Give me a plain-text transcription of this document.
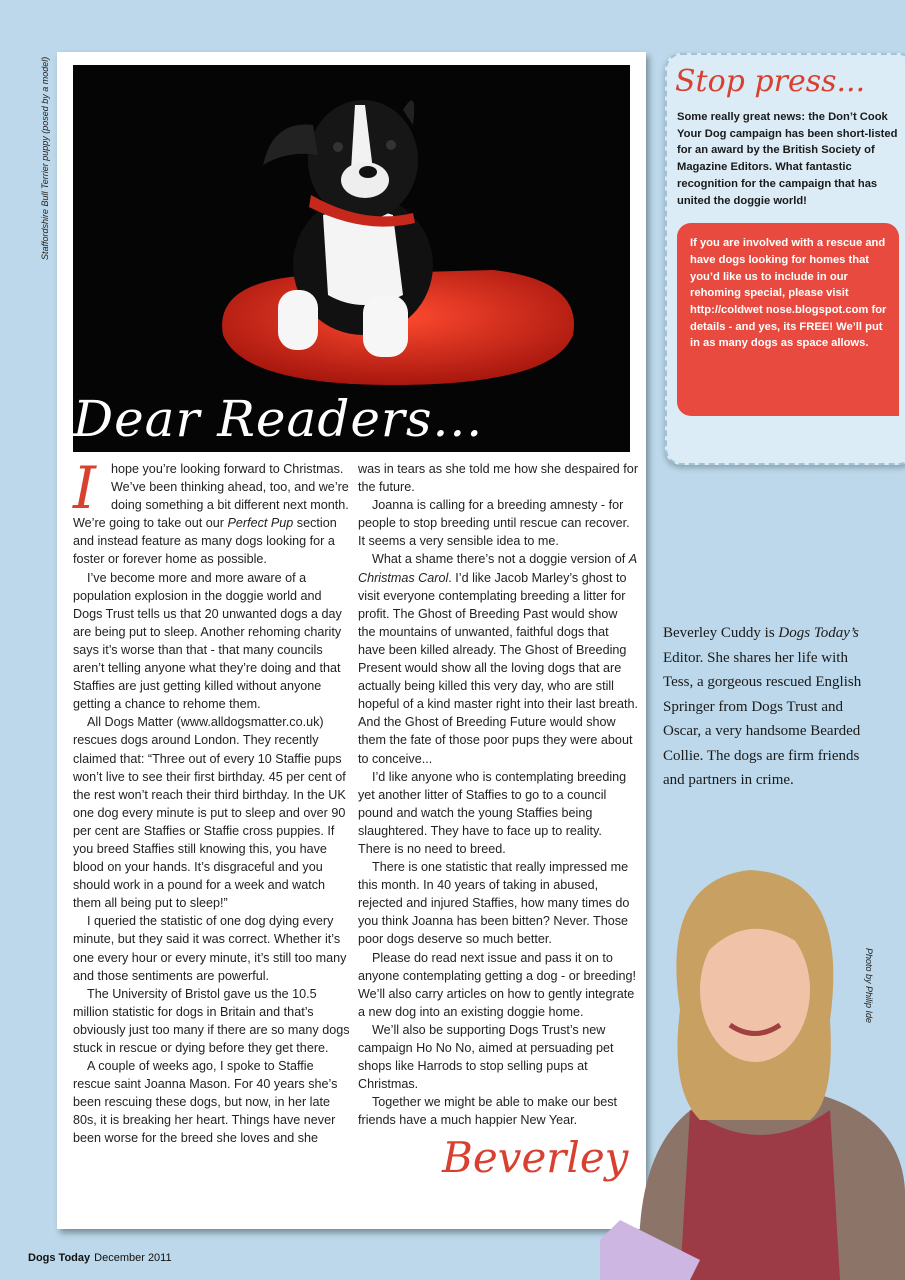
Staffordshire Bull Terrier puppy (posed by a model)
Dear Readers...
I	hope you’re looking forward to Christmas. We’ve been thinking ahead, too, and we’re doing something a bit different next month. We’re going to take out our Perfect Pup section and instead feature as many dogs looking for a foster or forever home as possible.

I’ve become more and more aware of a population explosion in the doggie world and Dogs Trust tells us that 20 unwanted dogs a day are being put to sleep. Another rehoming charity says it’s worse than that - that many councils aren’t telling anyone what they’re doing and that Staffies are just getting killed without anyone getting a chance to rehome them.

All Dogs Matter (www.alldogsmatter.co.uk) rescues dogs around London. They recently claimed that: “Three out of every 10 Staffie pups won’t live to see their first birthday. 45 per cent of the rest won’t reach their third birthday. In the UK one dog every minute is put to sleep and over 90 per cent are Staffies or Staffie cross puppies. If you breed Staffies still knowing this, you have blood on your hands. It’s disgraceful and you should work in a pound for a week and watch them all being put to sleep!”

I queried the statistic of one dog dying every minute, but they said it was correct. Whether it’s one every hour or every minute, it’s still too many and those sentiments are powerful.

The University of Bristol gave us the 10.5 million statistic for dogs in Britain and that’s obviously just too many if there are so many dogs stuck in rescue or dying before they get there.

A couple of weeks ago, I spoke to Staffie rescue saint Joanna Mason. For 40 years she’s been rescuing these dogs, but now, in her late 80s, it is breaking her heart. Things have never been worse for the breed she loves and she

was in tears as she told me how she despaired for the future.

Joanna is calling for a breeding amnesty - for people to stop breeding until rescue can recover. It seems a very sensible idea to me.

What a shame there’s not a doggie version of A Christmas Carol. I’d like Jacob Marley’s ghost to visit everyone contemplating breeding a litter for profit. The Ghost of Breeding Past would show the mountains of unwanted, faithful dogs that have been killed already. The Ghost of Breeding Present would show all the loving dogs that are actually being killed this very day, who are still hopeful of a kind master right into their last breath. And the Ghost of Breeding Future would show them the fate of those poor pups they were about to conceive...

I’d like anyone who is contemplating breeding yet another litter of Staffies to go to a council pound and watch the young Staffies being slaughtered. They have to face up to reality. There is no need to breed.

There is one statistic that really impressed me this month. In 40 years of taking in abused, rejected and injured Staffies, how many times do you think Joanna has been bitten? Never. Those poor dogs deserve so much better.

Please do read next issue and pass it on to anyone contemplating getting a dog - or breeding! We’ll also carry articles on how to gently integrate a new dog into an existing doggie home.

We’ll also be supporting Dogs Trust’s new campaign Ho No No, aimed at persuading pet shops like Harrods to stop selling pups at Christmas.

Together we might be able to make our best friends have a much happier New Year.

Beverley
Stop press...
Some really great news: the Don’t Cook Your Dog campaign has been short-listed for an award by the British Society of Magazine Editors. What fantastic recognition for the campaign that has united the doggie world!
If you are involved with a rescue and have dogs looking for homes that you’d like us to include in our rehoming special, please visit http://coldwet nose.blogspot.com for details - and yes, its FREE! We’ll put in as many dogs as space allows.
Beverley Cuddy is Dogs Today’s Editor. She shares her life with Tess, a gorgeous rescued English Springer from Dogs Trust and Oscar, a very handsome Bearded Collie. The dogs are firm friends and partners in crime.
Photo by Philip Ide
Dogs Today December 2011
